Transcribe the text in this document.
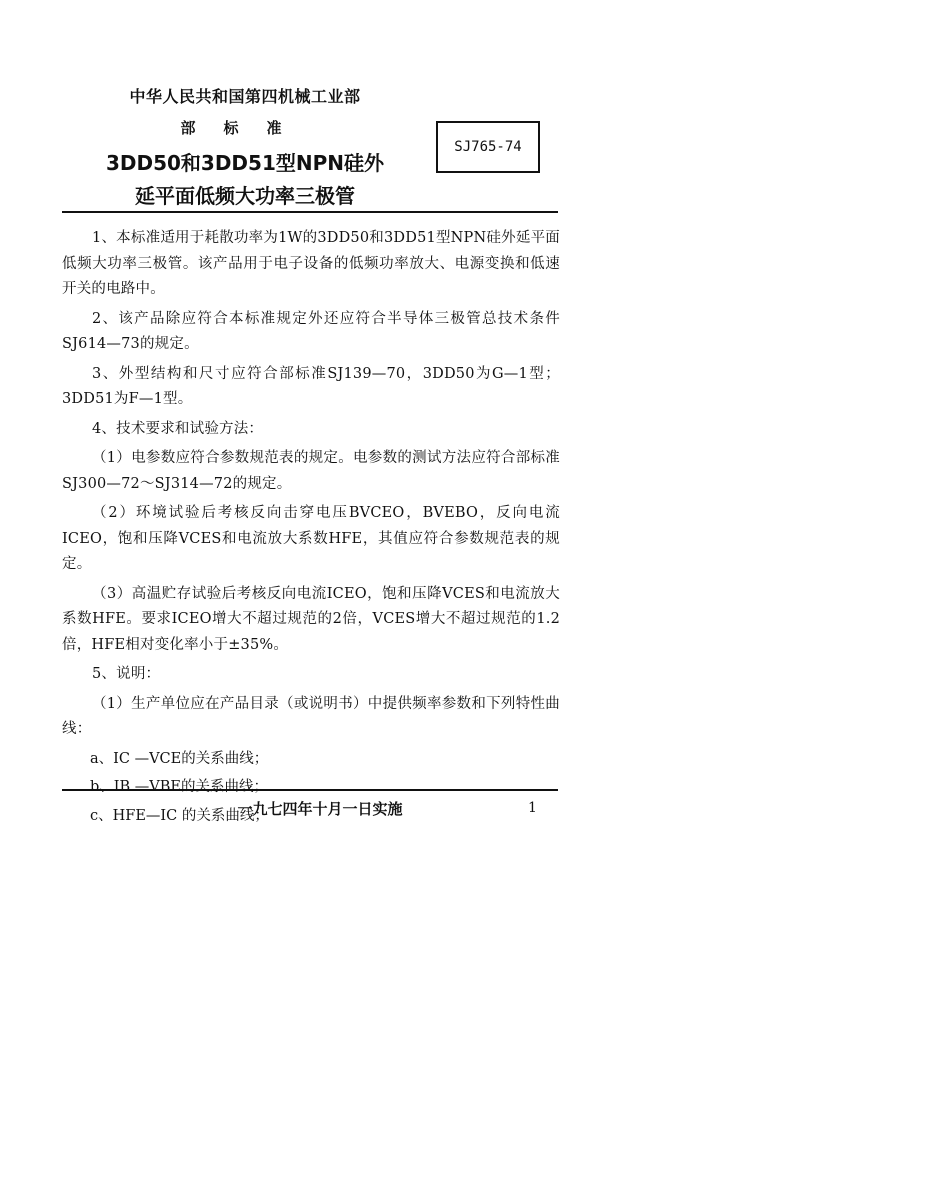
中华人民共和国第四机械工业部
部标准
3DD50和3DD51型NPN硅外
延平面低频大功率三极管
SJ765-74

1、本标准适用于耗散功率为1W的3DD50和3DD51型NPN硅外延平面低频大功率三极管。该产品用于电子设备的低频功率放大、电源变换和低速开关的电路中。

2、该产品除应符合本标准规定外还应符合半导体三极管总技术条件SJ614—73的规定。

3、外型结构和尺寸应符合部标准SJ139—70，3DD50为G—1型；3DD51为F—1型。

4、技术要求和试验方法：

（1）电参数应符合参数规范表的规定。电参数的测试方法应符合部标准SJ300—72～SJ314—72的规定。

（2）环境试验后考核反向击穿电压BVCEO，BVEBO，反向电流ICEO，饱和压降VCES和电流放大系数HFE，其值应符合参数规范表的规定。

（3）高温贮存试验后考核反向电流ICEO，饱和压降VCES和电流放大系数HFE。要求ICEO增大不超过规范的2倍，VCES增大不超过规范的1.2倍，HFE相对变化率小于±35%。

5、说明：

（1）生产单位应在产品目录（或说明书）中提供频率参数和下列特性曲线：

a、IC —VCE的关系曲线；

b、IB —VBE的关系曲线；

c、HFE—IC 的关系曲线；

一九七四年十月一日实施	1
